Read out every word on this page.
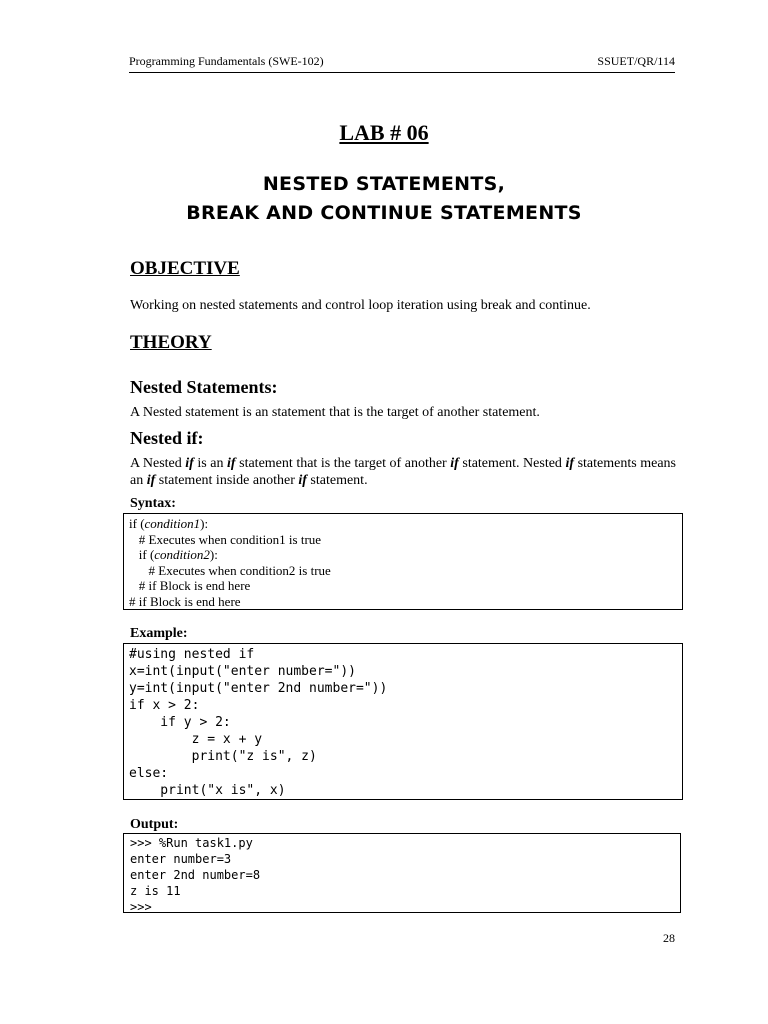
Programming Fundamentals (SWE-102)	SSUET/QR/114
LAB # 06
NESTED STATEMENTS,
BREAK AND CONTINUE STATEMENTS
OBJECTIVE
Working on nested statements and control loop iteration using break and continue.
THEORY
Nested Statements:
A Nested statement is an statement that is the target of another statement.
Nested if:
A Nested if is an if statement that is the target of another if statement. Nested if statements means an if statement inside another if statement.
Syntax:
if (condition1):
# Executes when condition1 is true
if (condition2):
# Executes when condition2 is true
# if Block is end here
# if Block is end here
Example:
#using nested if
x=int(input("enter number="))
y=int(input("enter 2nd number="))
if x > 2:
if y > 2:
z = x + y
print("z is", z)
else:
print("x is", x)
Output:
>>> %Run task1.py
enter number=3
enter 2nd number=8
z is 11
>>>
28
